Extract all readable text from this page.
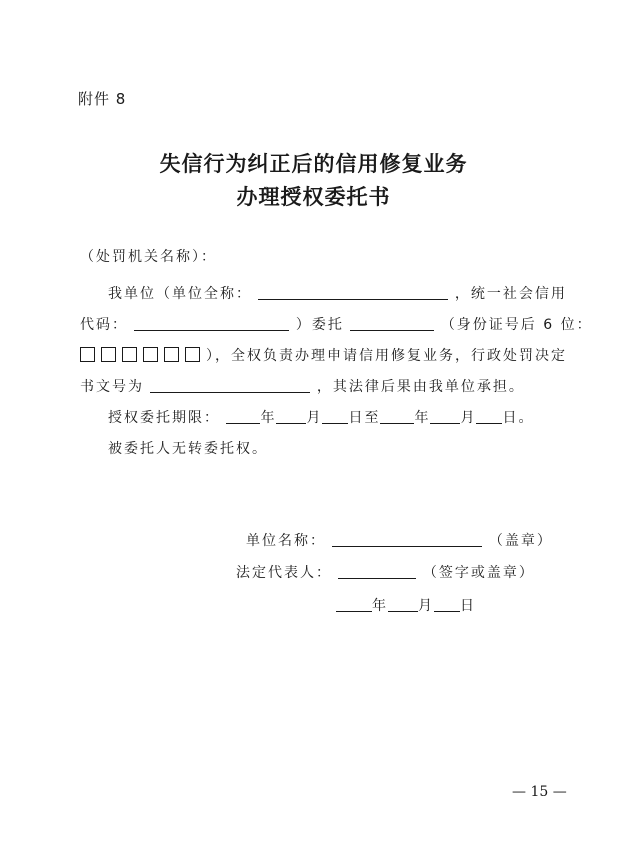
附件 8
失信行为纠正后的信用修复业务
办理授权委托书
（处罚机关名称）：
我单位（单位全称：	，统一社会信用
代码：	）委托	（身份证号后 6 位：
），全权负责办理申请信用修复业务，行政处罚决定
书文号为	，其法律后果由我单位承担。
授权委托期限：	年 月 日至 年 月 日。
被委托人无转委托权。
单位名称：	（盖章）
法定代表人：	（签字或盖章）
年 月 日
— 15 —
